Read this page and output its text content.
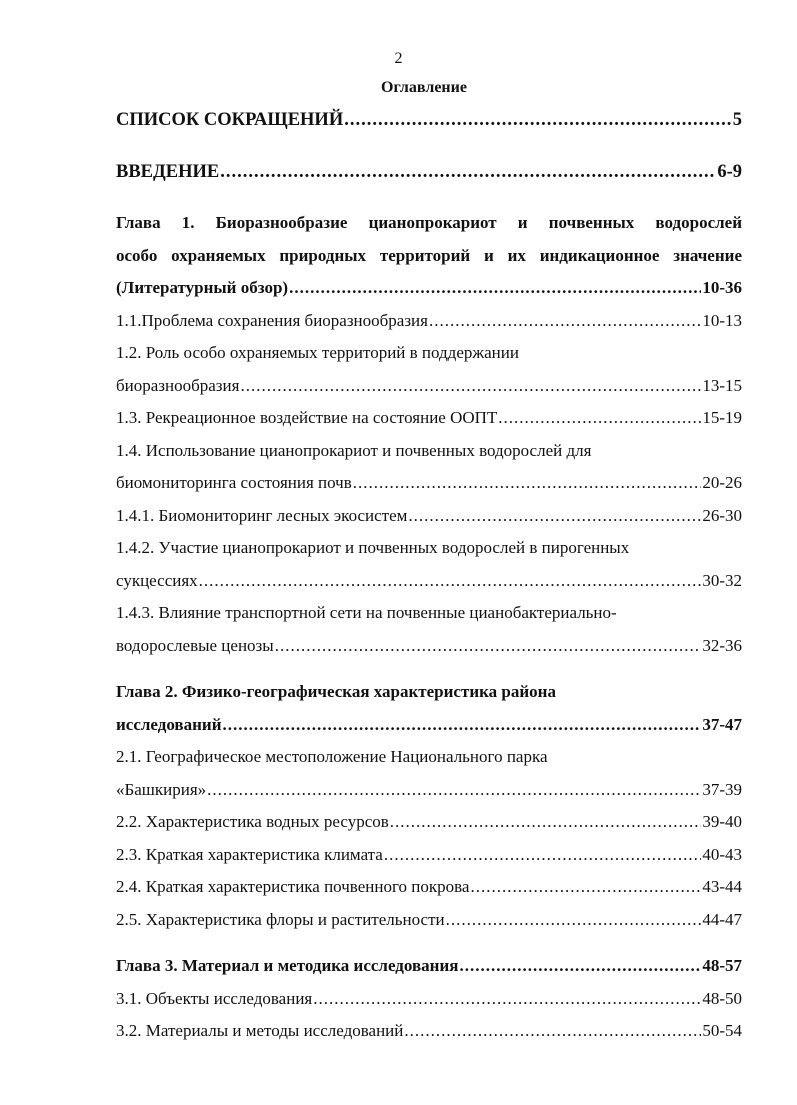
2
Оглавление
СПИСОК СОКРАЩЕНИЙ .....	5
ВВЕДЕНИЕ .....	6-9
Глава 1. Биоразнообразие цианопрокариот и почвенных водорослей
особо охраняемых природных территорий и их индикационное значение
(Литературный обзор) .....	10-36
1.1.Проблема сохранения биоразнообразия .....	10-13
1.2. Роль особо охраняемых территорий в поддержании
биоразнообразия .....	13-15
1.3. Рекреационное воздействие на состояние ООПТ .....	15-19
1.4. Использование цианопрокариот и почвенных водорослей для
биомониторинга состояния почв .....	20-26
1.4.1. Биомониторинг лесных экосистем .....	26-30
1.4.2. Участие цианопрокариот и почвенных водорослей в пирогенных
сукцессиях .....	30-32
1.4.3. Влияние транспортной сети на почвенные цианобактериально-
водорослевые ценозы .....	32-36
Глава 2. Физико-географическая характеристика района
исследований .....	37-47
2.1. Географическое местоположение Национального парка
«Башкирия» .....	37-39
2.2. Характеристика водных ресурсов .....	39-40
2.3. Краткая характеристика климата .....	40-43
2.4. Краткая характеристика почвенного покрова .....	43-44
2.5. Характеристика флоры и растительности .....	44-47
Глава 3. Материал и методика исследования .....	48-57
3.1. Объекты исследования .....	48-50
3.2. Материалы и методы исследований .....	50-54
